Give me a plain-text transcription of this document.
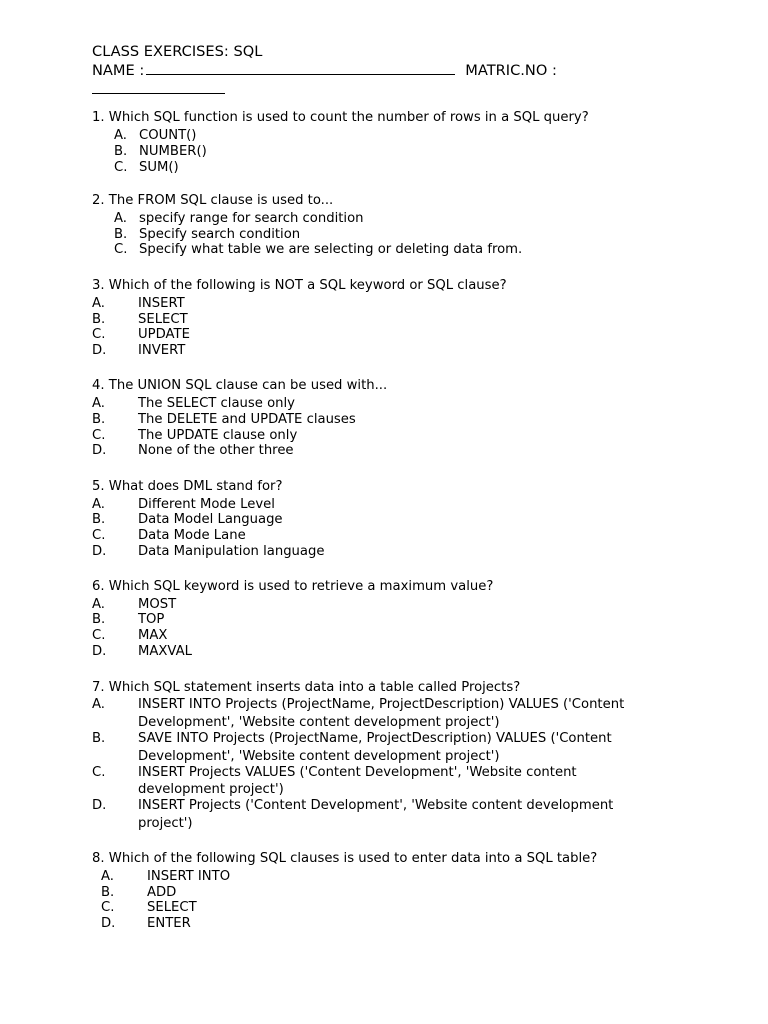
CLASS EXERCISES: SQL
NAME :	MATRIC.NO :
1. Which SQL function is used to count the number of rows in a SQL query?
A. COUNT()
B. NUMBER()
C. SUM()
2. The FROM SQL clause is used to...
A. specify range for search condition
B. Specify search condition
C. Specify what table we are selecting or deleting data from.
3. Which of the following is NOT a SQL keyword or SQL clause?
A.	INSERT
B. SELECT
C. UPDATE
D. INVERT
4. The UNION SQL clause can be used with...
A.	The SELECT clause only
B. The DELETE and UPDATE clauses
C. The UPDATE clause only
D. None of the other three
5. What does DML stand for?
A.	Different Mode Level
B. Data Model Language
C. Data Mode Lane
D. Data Manipulation language
6. Which SQL keyword is used to retrieve a maximum value?
A.	MOST
B. TOP
C. MAX
D. MAXVAL
7. Which SQL statement inserts data into a table called Projects?
A.	INSERT INTO Projects (ProjectName, ProjectDescription) VALUES ('Content
Development', 'Website content development project')
B. SAVE INTO Projects (ProjectName, ProjectDescription) VALUES ('Content
Development', 'Website content development project')
C. INSERT Projects VALUES ('Content Development', 'Website content
development project')
D. INSERT Projects ('Content Development', 'Website content development
project')
8. Which of the following SQL clauses is used to enter data into a SQL table?
A.	INSERT INTO
B. ADD
C. SELECT
D. ENTER
